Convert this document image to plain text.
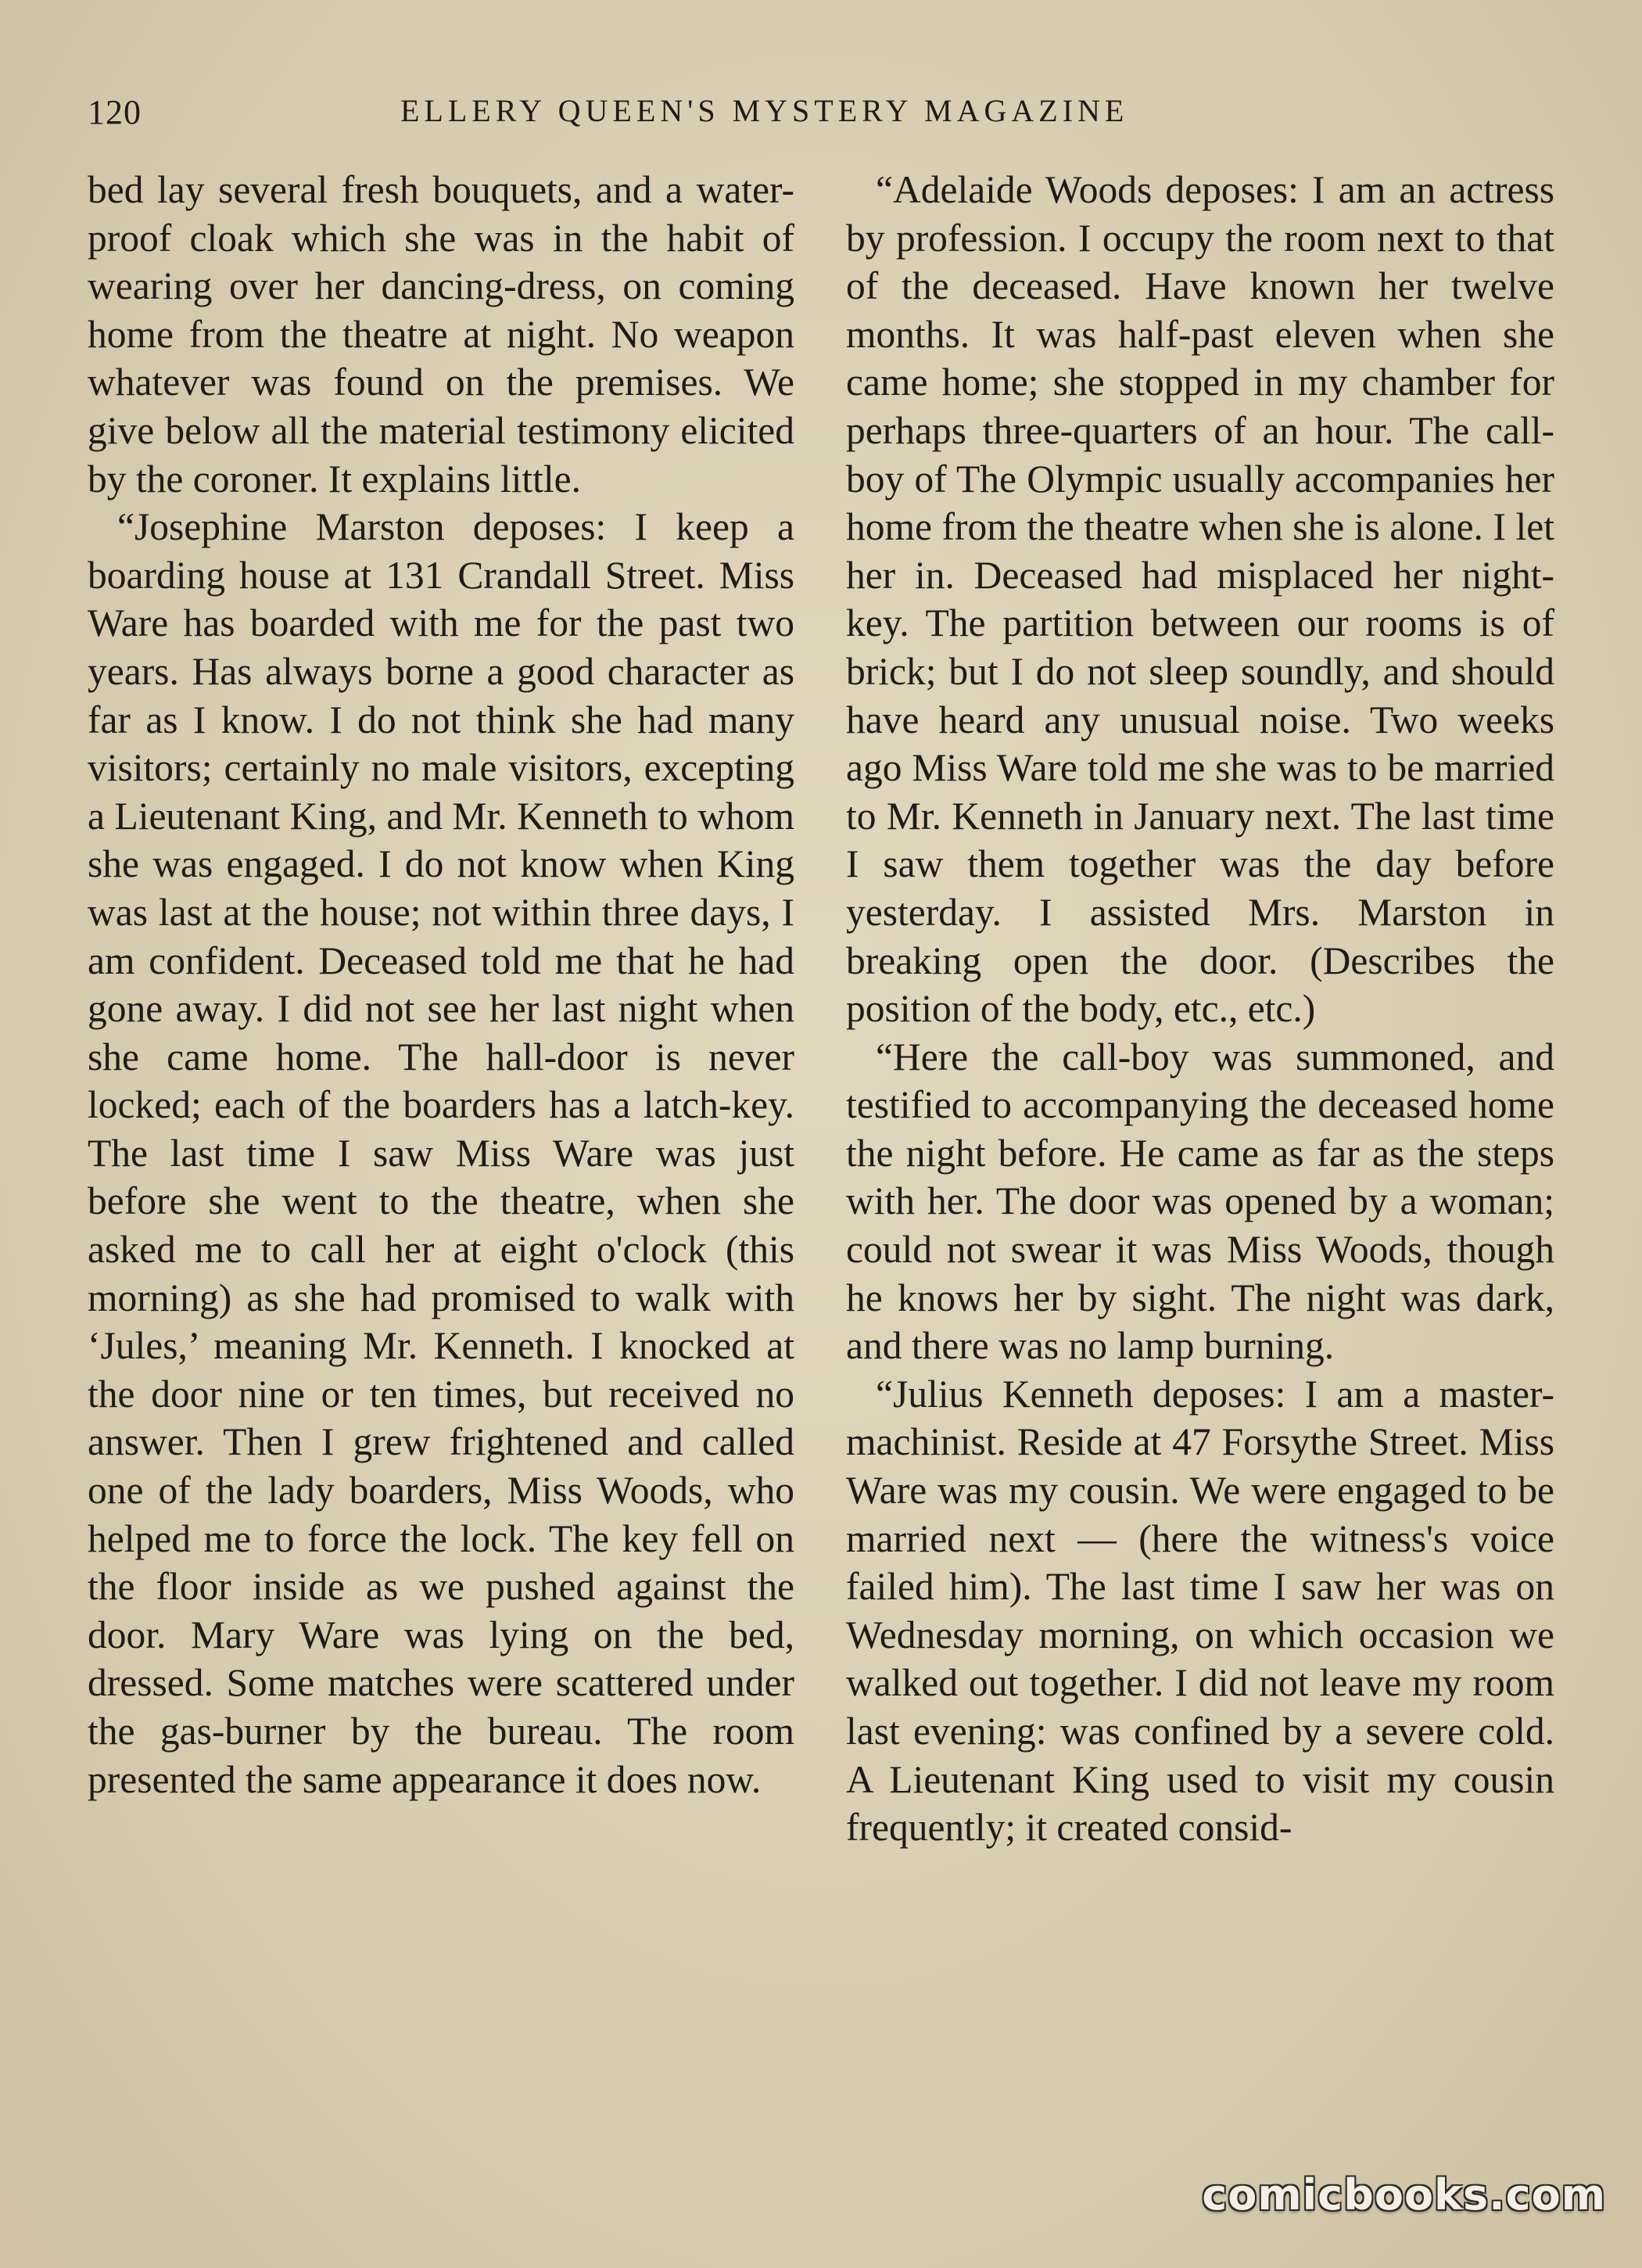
120	ELLERY QUEEN'S MYSTERY MAGAZINE

bed lay several fresh bouquets, and a water-proof cloak which she was in the habit of wearing over her dancing-dress, on coming home from the theatre at night. No weapon whatever was found on the premises. We give below all the material testimony elicited by the coroner. It explains little.

“Josephine Marston deposes: I keep a boarding house at 131 Crandall Street. Miss Ware has boarded with me for the past two years. Has always borne a good character as far as I know. I do not think she had many visitors; certainly no male visitors, excepting a Lieutenant King, and Mr. Kenneth to whom she was engaged. I do not know when King was last at the house; not within three days, I am confident. Deceased told me that he had gone away. I did not see her last night when she came home. The hall-door is never locked; each of the boarders has a latch-key. The last time I saw Miss Ware was just before she went to the theatre, when she asked me to call her at eight o'clock (this morning) as she had promised to walk with ‘Jules,’ meaning Mr. Kenneth. I knocked at the door nine or ten times, but received no answer. Then I grew frightened and called one of the lady boarders, Miss Woods, who helped me to force the lock. The key fell on the floor inside as we pushed against the door. Mary Ware was lying on the bed, dressed. Some matches were scattered under the gas-burner by the bureau. The room presented the same appearance it does now.

“Adelaide Woods deposes: I am an actress by profession. I occupy the room next to that of the deceased. Have known her twelve months. It was half-past eleven when she came home; she stopped in my chamber for perhaps three-quarters of an hour. The call-boy of The Olympic usually accompanies her home from the theatre when she is alone. I let her in. Deceased had misplaced her night-key. The partition between our rooms is of brick; but I do not sleep soundly, and should have heard any unusual noise. Two weeks ago Miss Ware told me she was to be married to Mr. Kenneth in January next. The last time I saw them together was the day before yesterday. I assisted Mrs. Marston in breaking open the door. (Describes the position of the body, etc., etc.)

“Here the call-boy was summoned, and testified to accompanying the deceased home the night before. He came as far as the steps with her. The door was opened by a woman; could not swear it was Miss Woods, though he knows her by sight. The night was dark, and there was no lamp burning.

“Julius Kenneth deposes: I am a master-machinist. Reside at 47 Forsythe Street. Miss Ware was my cousin. We were engaged to be married next — (here the witness's voice failed him). The last time I saw her was on Wednesday morning, on which occasion we walked out together. I did not leave my room last evening: was confined by a severe cold. A Lieutenant King used to visit my cousin frequently; it created consid-

comicbooks.com
